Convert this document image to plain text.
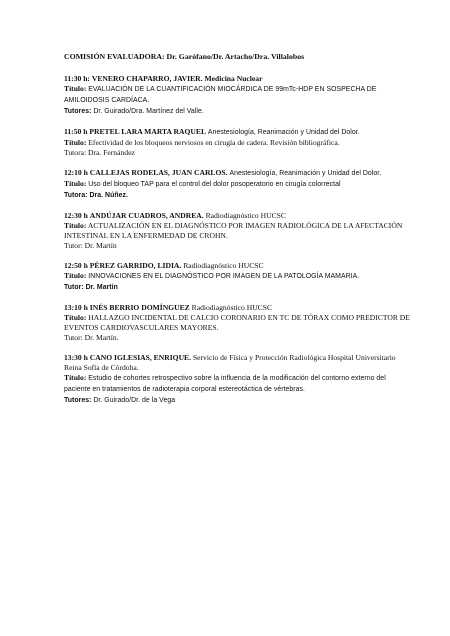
COMISIÓN EVALUADORA: Dr. Garófano/Dr. Artacho/Dra. Villalobos

11:30 h: VENERO CHAPARRO, JAVIER. Medicina Nuclear

Título: EVALUACIÓN DE LA CUANTIFICACIÓN MIOCÁRDICA DE 99mTc-HDP EN SOSPECHA DE AMILOIDOSIS CARDÍACA.

Tutores: Dr. Guirado/Dra. Martínez del Valle.

11:50 h PRETEL LARA MARTA RAQUEL Anestesiología, Reanimación y Unidad del Dolor.

Título: Efectividad de los bloqueos nerviosos en cirugía de cadera. Revisión bibliográfica.

Tutora: Dra. Fernández

12:10 h CALLEJAS RODELAS, JUAN CARLOS. Anestesiología, Reanimación y Unidad del Dolor.

Título: Uso del bloqueo TAP para el control del dolor posoperatorio en cirugía colorrectal

Tutora: Dra. Núñez.

12:30 h ANDÚJAR CUADROS, ANDREA. Radiodiagnóstico HUCSC

Título: ACTUALIZACIÓN EN EL DIAGNÓSTICO POR IMAGEN RADIOLÓGICA DE LA AFECTACIÓN INTESTINAL EN LA ENFERMEDAD DE CROHN.

Tutor: Dr. Martín

12:50 h PÉREZ GARRIDO, LIDIA. Radiodiagnóstico HUCSC

Título: INNOVACIONES EN EL DIAGNÓSTICO POR IMAGEN DE LA PATOLOGÍA MAMARIA.

Tutor: Dr. Martín

13:10 h INÉS BERRIO DOMÍNGUEZ Radiodiagnóstico HUCSC

Título: HALLAZGO INCIDENTAL DE CALCIO CORONARIO EN TC DE TÓRAX COMO PREDICTOR DE EVENTOS CARDIOVASCULARES MAYORES.

Tutor: Dr. Martín.

13:30 h CANO IGLESIAS, ENRIQUE. Servicio de Física y Protección Radiológica Hospital Universitario Reina Sofía de Córdoba.

Título: Estudio de cohortes retrospectivo sobre la influencia de la modificación del contorno externo del paciente en tratamientos de radioterapia corporal estereotáctica de vértebras.

Tutores: Dr. Guirado/Dr. de la Vega
